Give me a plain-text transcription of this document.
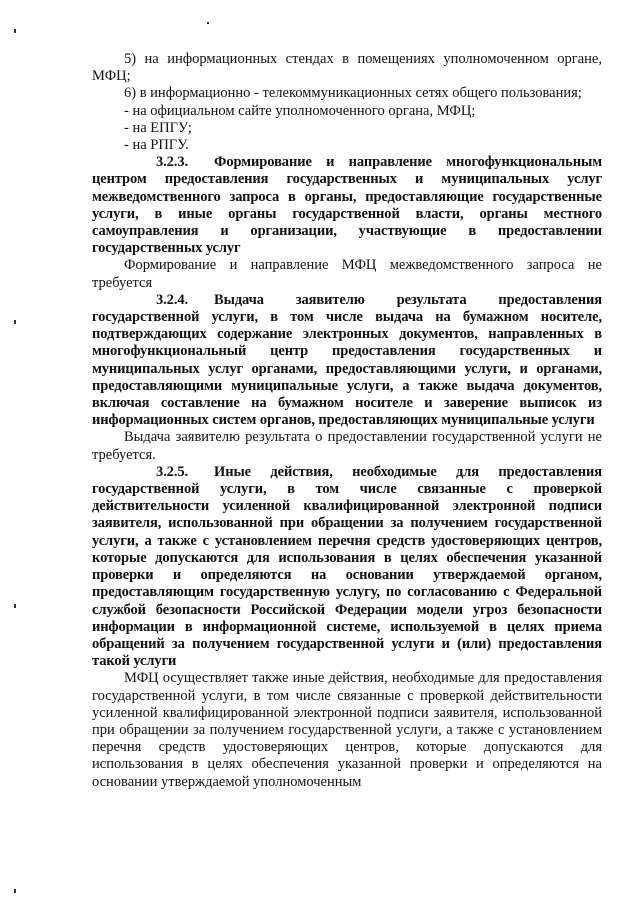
5) на информационных стендах в помещениях уполномоченном органе, МФЦ;

6) в информационно - телекоммуникационных сетях общего пользования;

- на официальном сайте уполномоченного органа, МФЦ;

- на ЕПГУ;

- на РПГУ.

3.2.3. Формирование и направление многофункциональным центром предоставления государственных и муниципальных услуг межведомственного запроса в органы, предоставляющие государственные услуги, в иные органы государственной власти, органы местного самоуправления и организации, участвующие в предоставлении государственных услуг

Формирование и направление МФЦ межведомственного запроса не требуется

3.2.4. Выдача заявителю результата предоставления государственной услуги, в том числе выдача на бумажном носителе, подтверждающих содержание электронных документов, направленных в многофункциональный центр предоставления государственных и муниципальных услуг органами, предоставляющими услуги, и органами, предоставляющими муниципальные услуги, а также выдача документов, включая составление на бумажном носителе и заверение выписок из информационных систем органов, предоставляющих муниципальные услуги

Выдача заявителю результата о предоставлении государственной услуги не требуется.

3.2.5. Иные действия, необходимые для предоставления государственной услуги, в том числе связанные с проверкой действительности усиленной квалифицированной электронной подписи заявителя, использованной при обращении за получением государственной услуги, а также с установлением перечня средств удостоверяющих центров, которые допускаются для использования в целях обеспечения указанной проверки и определяются на основании утверждаемой органом, предоставляющим государственную услугу, по согласованию с Федеральной службой безопасности Российской Федерации модели угроз безопасности информации в информационной системе, используемой в целях приема обращений за получением государственной услуги и (или) предоставления такой услуги

МФЦ осуществляет также иные действия, необходимые для предоставления государственной услуги, в том числе связанные с проверкой действительности усиленной квалифицированной электронной подписи заявителя, использованной при обращении за получением государственной услуги, а также с установлением перечня средств удостоверяющих центров, которые допускаются для использования в целях обеспечения указанной проверки и определяются на основании утверждаемой уполномоченным
